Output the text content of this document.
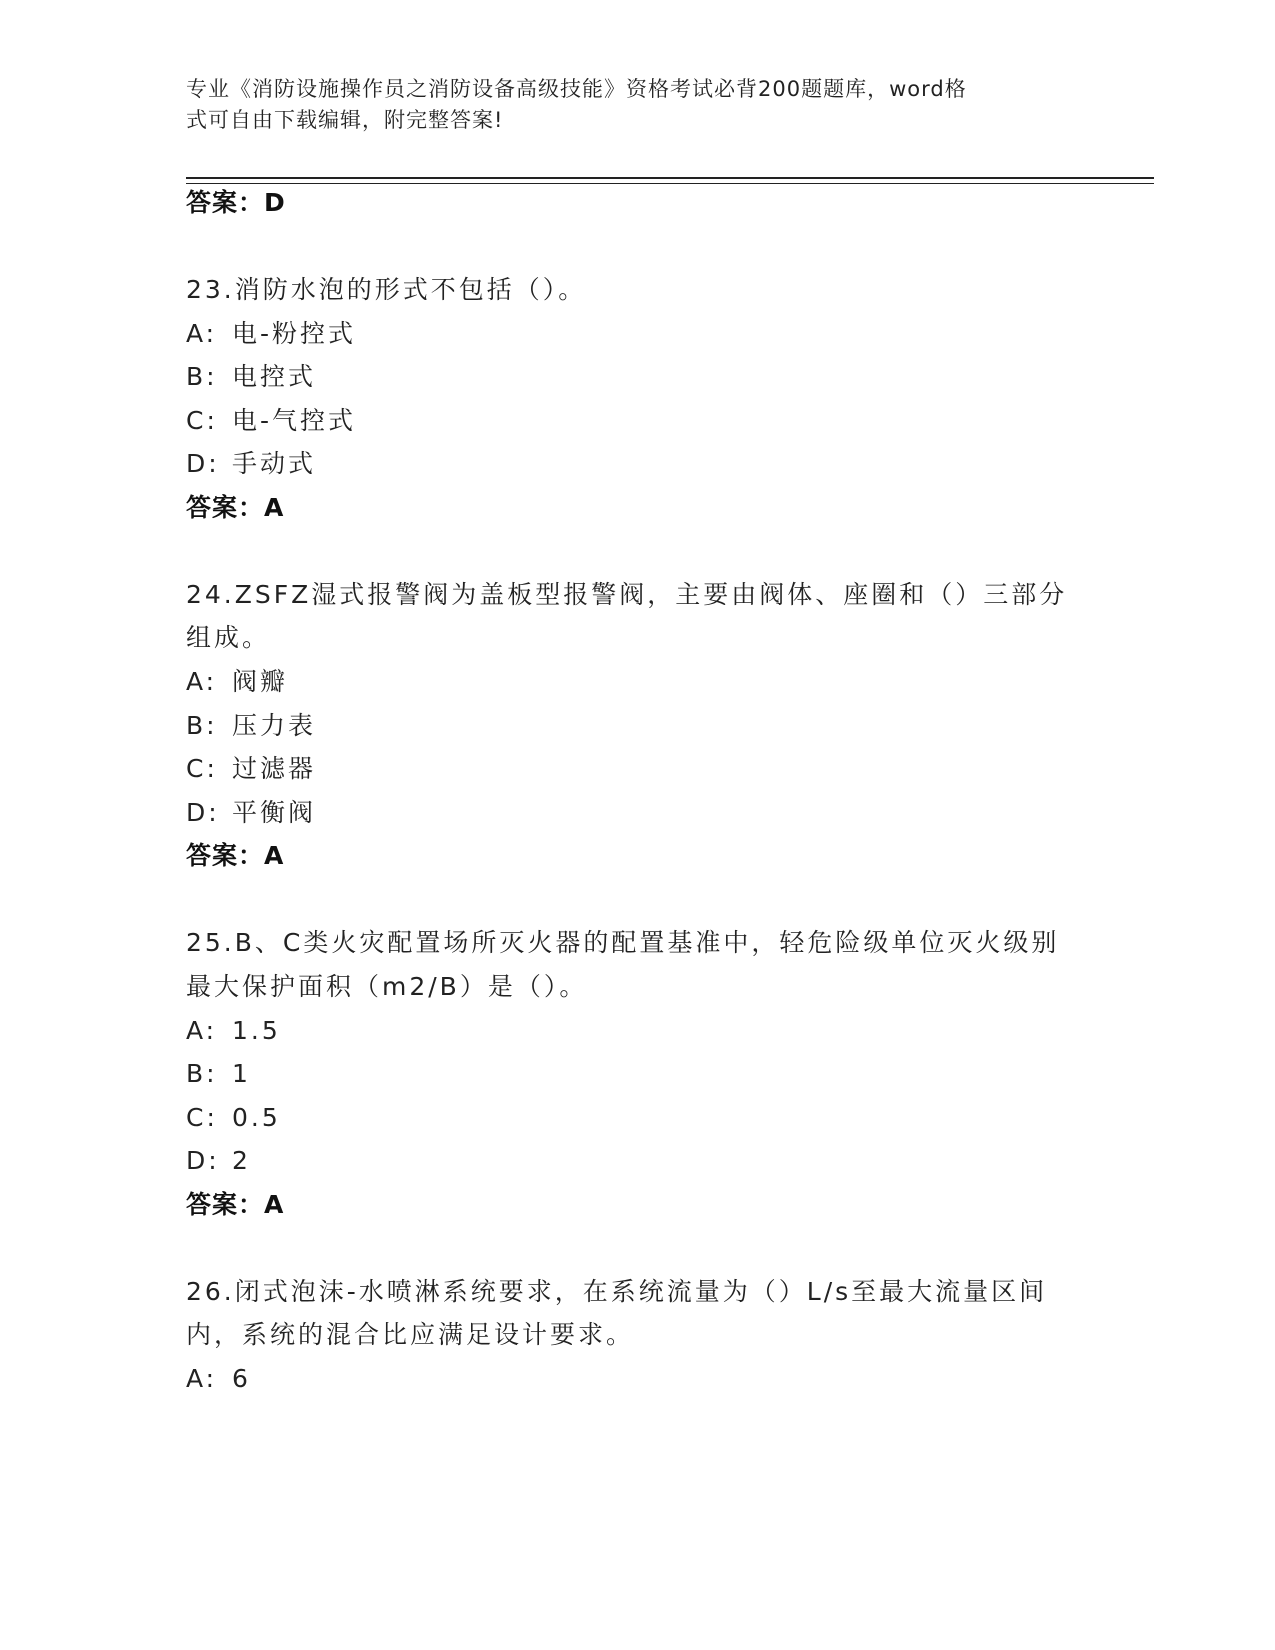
专业《消防设施操作员之消防设备高级技能》资格考试必背200题题库，word格
式可自由下载编辑，附完整答案!
答案：D
23.消防水泡的形式不包括（）。
A: 电-粉控式
B: 电控式
C: 电-气控式
D: 手动式
答案：A
24.ZSFZ湿式报警阀为盖板型报警阀，主要由阀体、座圈和（）三部分
组成。
A: 阀瓣
B: 压力表
C: 过滤器
D: 平衡阀
答案：A
25.B、C类火灾配置场所灭火器的配置基准中，轻危险级单位灭火级别
最大保护面积（m2/B）是（）。
A: 1.5
B: 1
C: 0.5
D: 2
答案：A
26.闭式泡沫-水喷淋系统要求，在系统流量为（）L/s至最大流量区间
内，系统的混合比应满足设计要求。
A: 6
